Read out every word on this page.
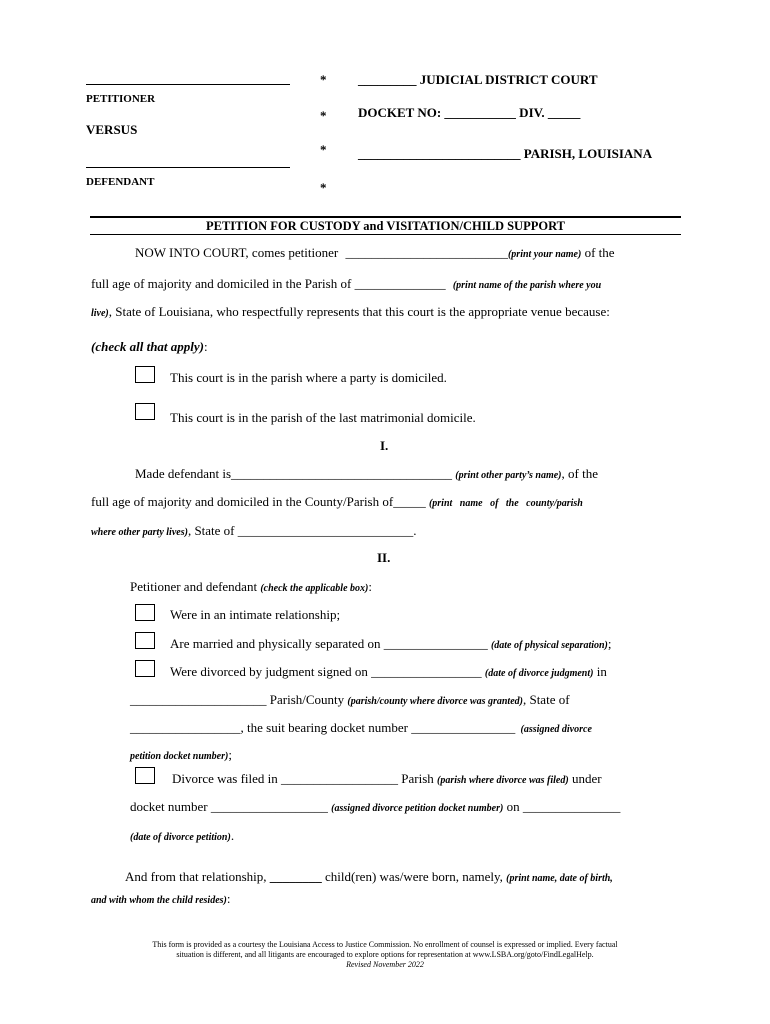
PETITIONER
VERSUS
DEFENDANT
*
*
*
*
_________ JUDICIAL DISTRICT COURT
DOCKET NO: ___________ DIV. _____
_________________________ PARISH, LOUISIANA
PETITION FOR CUSTODY and VISITATION/CHILD SUPPORT
NOW INTO COURT, comes petitioner _________________________(print your name) of the
full age of majority and domiciled in the Parish of ______________ (print name of the parish where you
live), State of Louisiana, who respectfully represents that this court is the appropriate venue because:
(check all that apply):
This court is in the parish where a party is domiciled.
This court is in the parish of the last matrimonial domicile.
I.
Made defendant is__________________________________ (print other party’s name), of the
full age of majority and domiciled in the County/Parish of_____ (print   name   of   the   county/parish
where other party lives), State of ___________________________.
II.
Petitioner and defendant (check the applicable box):
Were in an intimate relationship;
Are married and physically separated on ________________ (date of physical separation);
Were divorced by judgment signed on _________________ (date of divorce judgment) in
_____________________ Parish/County (parish/county where divorce was granted), State of
_________________, the suit bearing docket number ________________ (assigned divorce
petition docket number);
Divorce was filed in __________________ Parish (parish where divorce was filed) under
docket number __________________ (assigned divorce petition docket number) on _______________
(date of divorce petition).
And from that relationship, ________ child(ren) was/were born, namely, (print name, date of birth,
and with whom the child resides):
This form is provided as a courtesy the Louisiana Access to Justice Commission. No enrollment of counsel is expressed or implied. Every factual
situation is different, and all litigants are encouraged to explore options for representation at www.LSBA.org/goto/FindLegalHelp.
Revised November 2022
